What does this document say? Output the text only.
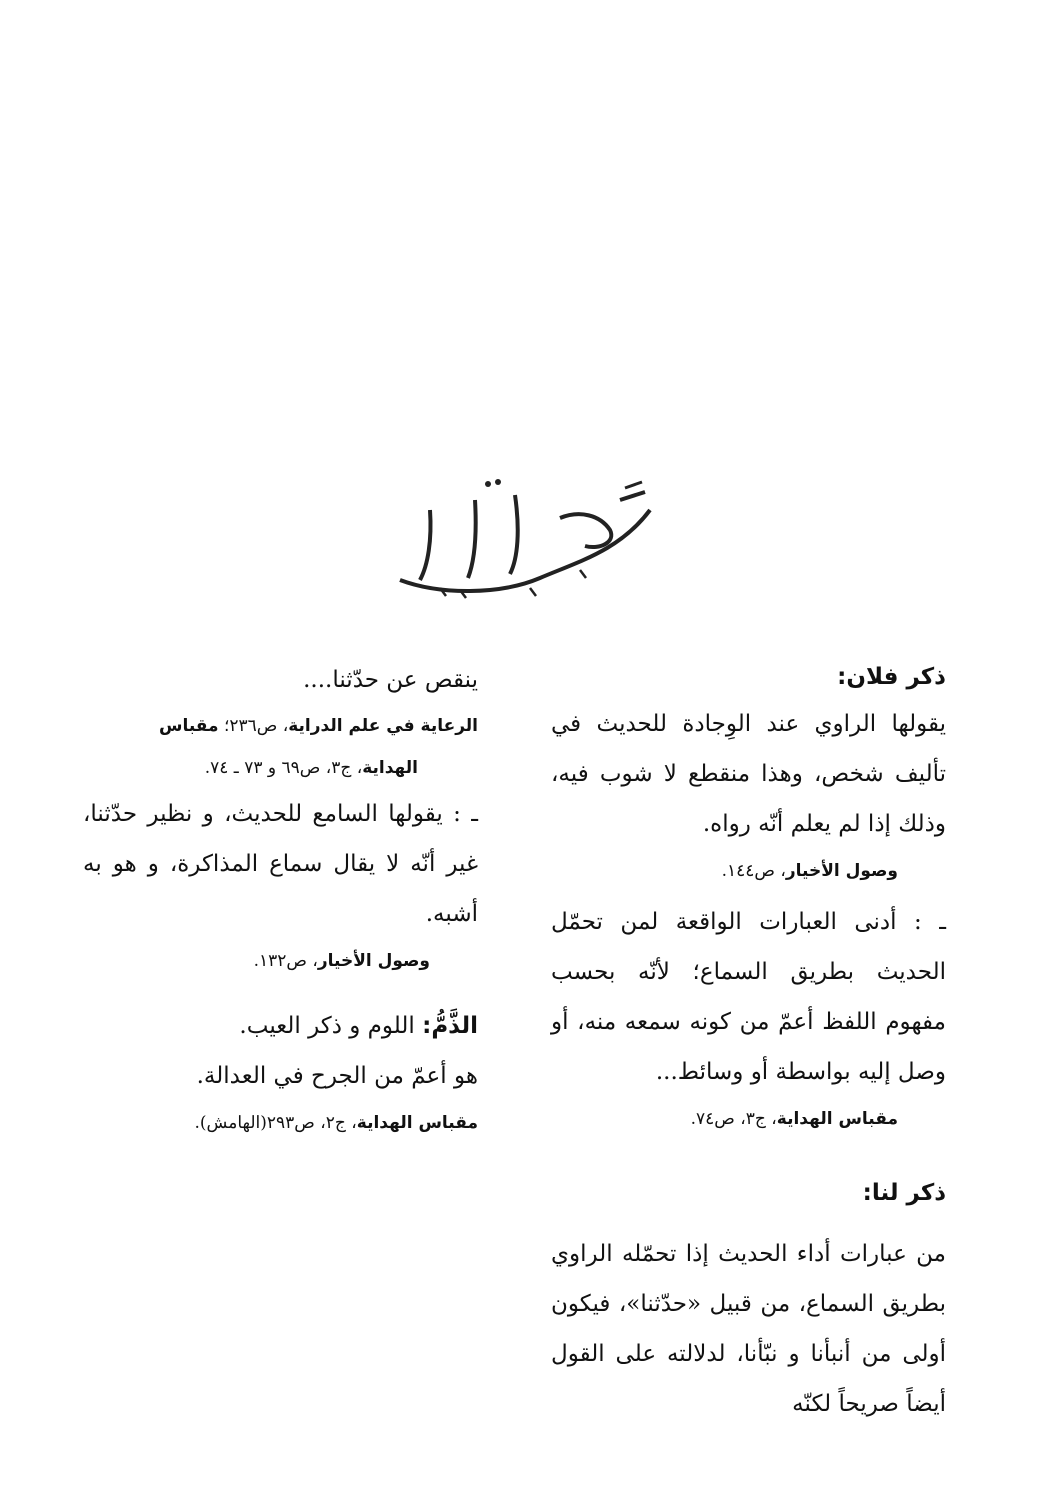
ذكر فلان:

يقولها الراوي عند الوِجادة للحديث في تأليف شخص، وهذا منقطع لا شوب فيه، وذلك إذا لم يعلم أنّه رواه.

وصول الأخيار، ص١٤٤.

ـ : أدنى العبارات الواقعة لمن تحمّل الحديث بطريق السماع؛ لأنّه بحسب مفهوم اللفظ أعمّ من كونه سمعه منه، أو وصل إليه بواسطة أو وسائط...

مقباس الهداية، ج٣، ص٧٤.

ذكر لنا:

من عبارات أداء الحديث إذا تحمّله الراوي بطريق السماع، من قبيل «حدّثنا»، فيكون أولى من أنبأنا و نبّأنا، لدلالته على القول أيضاً صريحاً لكنّه

ينقص عن حدّثنا....

الرعاية في علم الدراية، ص٢٣٦؛ مقباس

الهداية، ج٣، ص٦٩ و ٧٣ ـ ٧٤.

ـ : يقولها السامع للحديث، و نظير حدّثنا، غير أنّه لا يقال سماع المذاكرة، و هو به أشبه.

وصول الأخيار، ص١٣٢.

الذَّمُّ: اللوم و ذكر العيب.

هو أعمّ من الجرح في العدالة.

مقباس الهداية، ج٢، ص٢٩٣(الهامش).
